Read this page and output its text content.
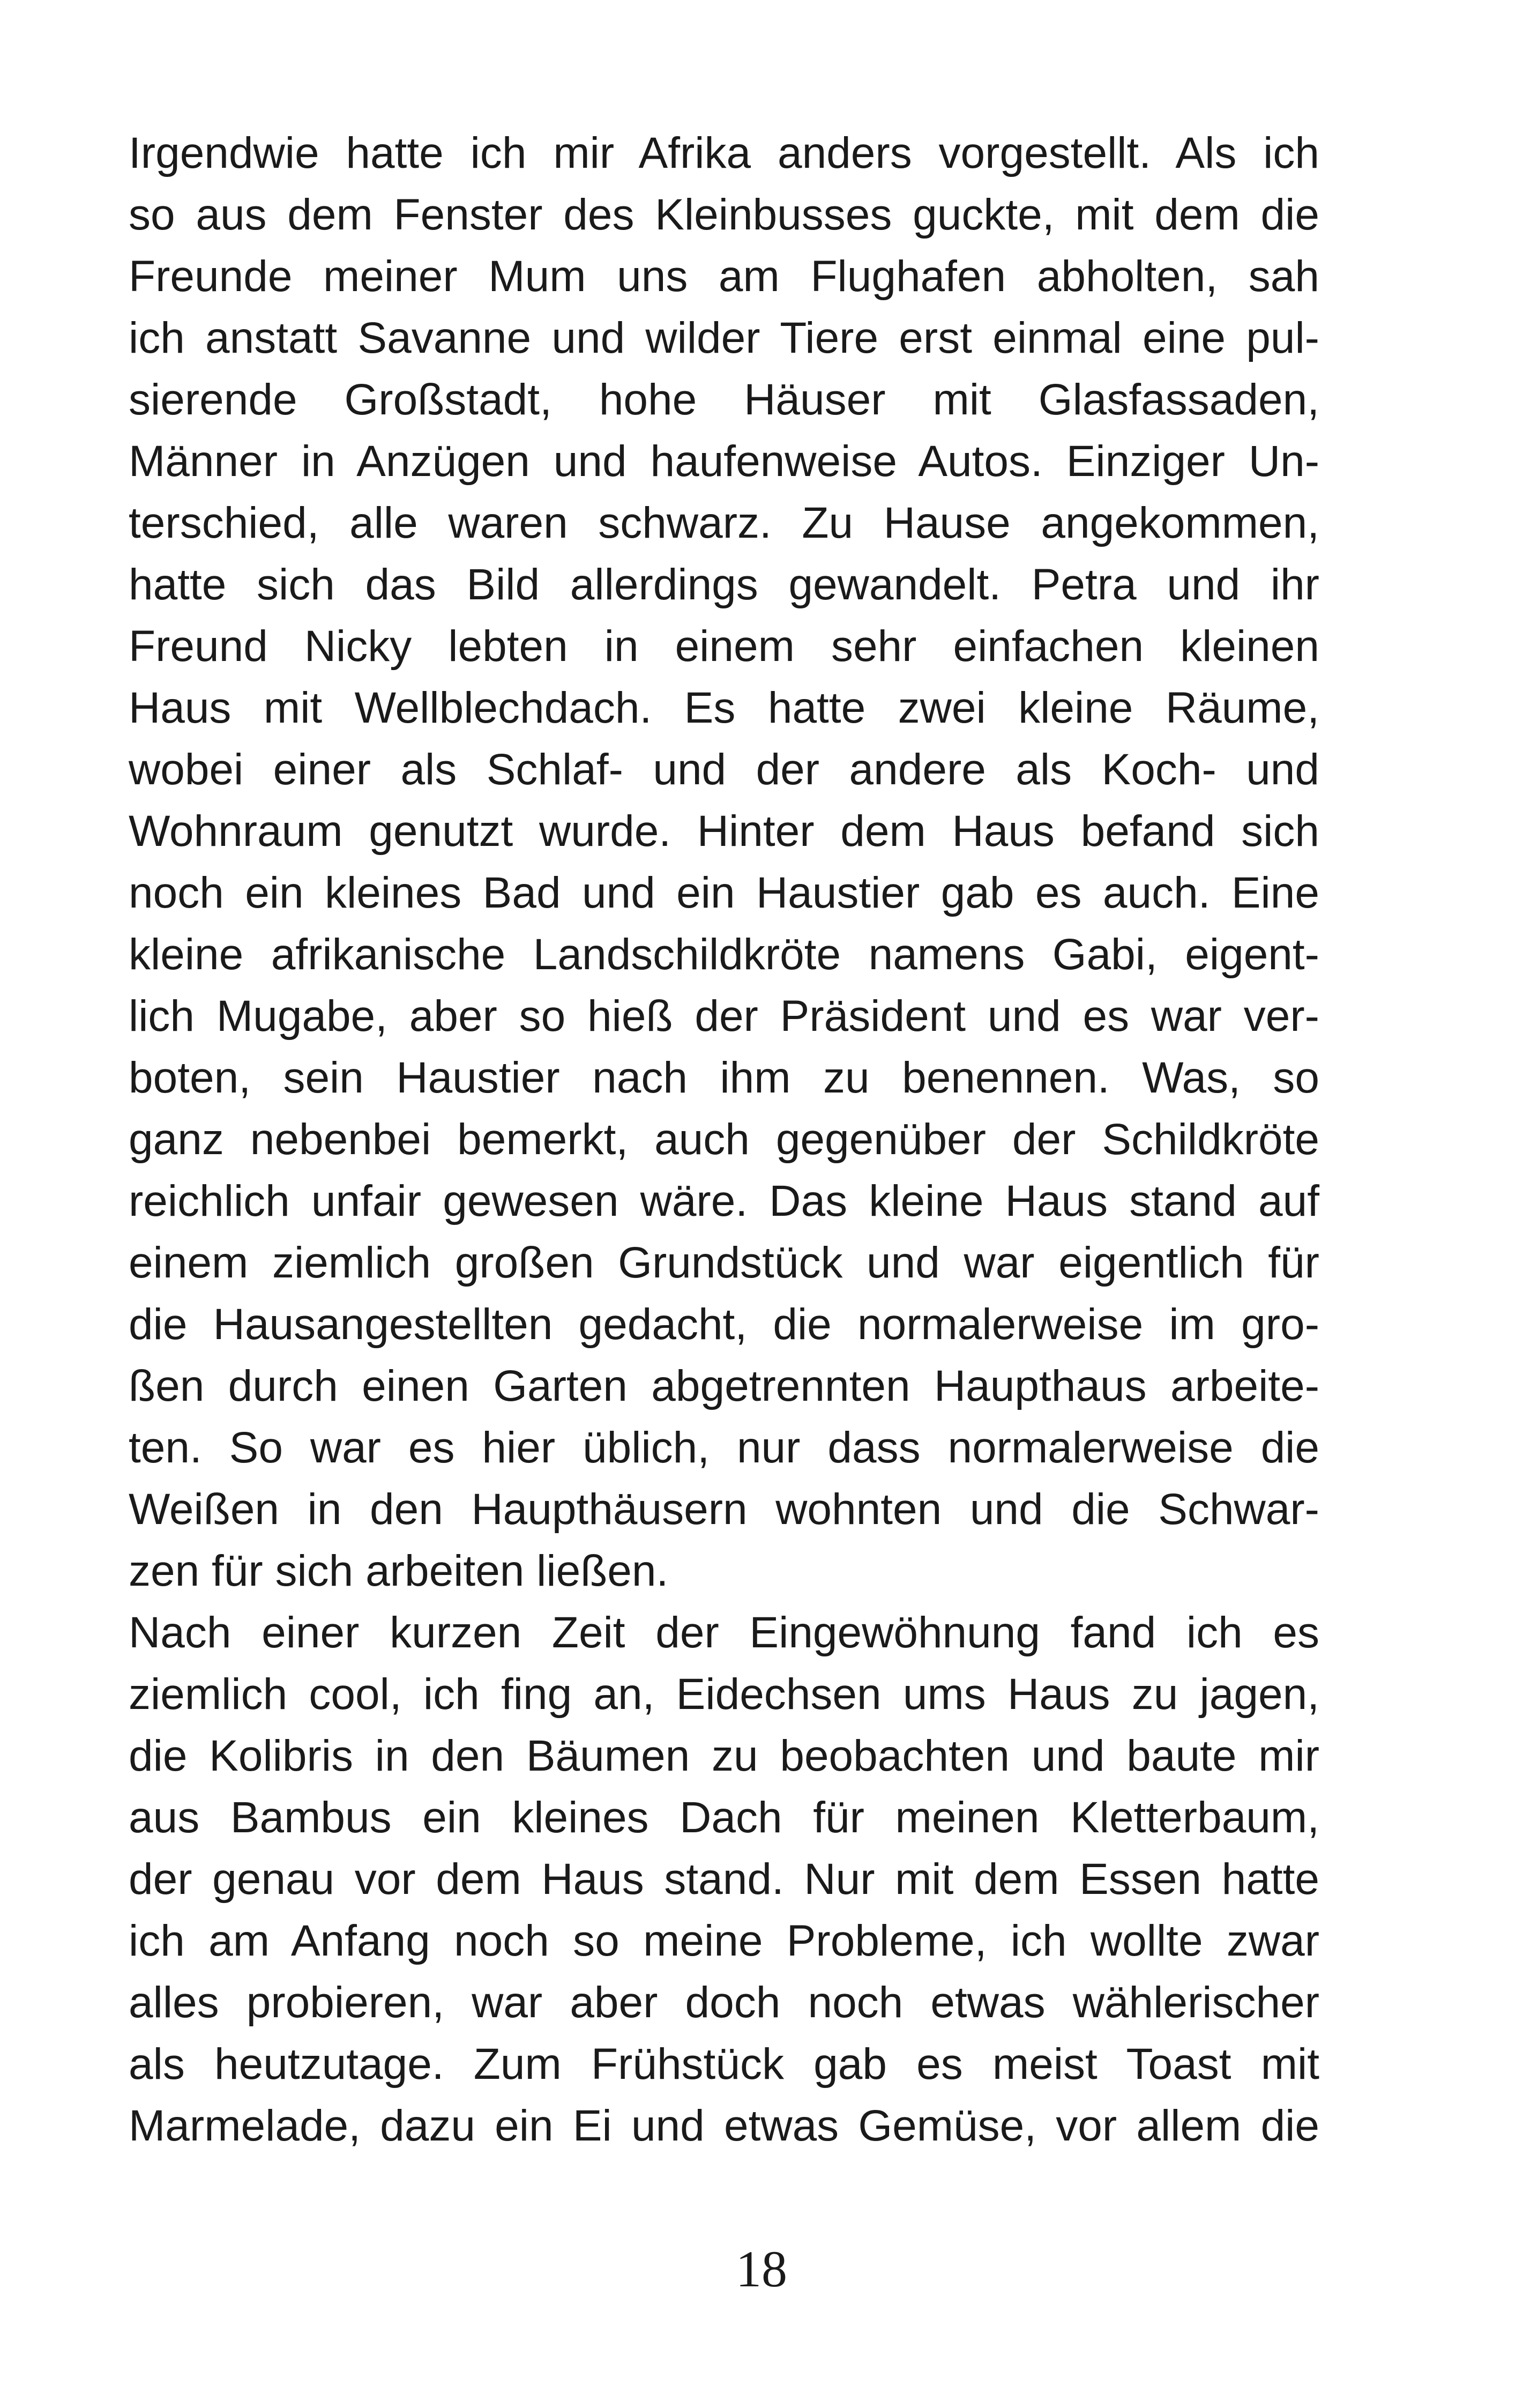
Irgendwie hatte ich mir Afrika anders vorgestellt. Als ich
so aus dem Fenster des Kleinbusses guckte, mit dem die
Freunde meiner Mum uns am Flughafen abholten, sah
ich anstatt Savanne und wilder Tiere erst einmal eine pul-
sierende Großstadt, hohe Häuser mit Glasfassaden,
Männer in Anzügen und haufenweise Autos. Einziger Un-
terschied, alle waren schwarz. Zu Hause angekommen,
hatte sich das Bild allerdings gewandelt. Petra und ihr
Freund Nicky lebten in einem sehr einfachen kleinen
Haus mit Wellblechdach. Es hatte zwei kleine Räume,
wobei einer als Schlaf- und der andere als Koch- und
Wohnraum genutzt wurde. Hinter dem Haus befand sich
noch ein kleines Bad und ein Haustier gab es auch. Eine
kleine afrikanische Landschildkröte namens Gabi, eigent-
lich Mugabe, aber so hieß der Präsident und es war ver-
boten, sein Haustier nach ihm zu benennen. Was, so
ganz nebenbei bemerkt, auch gegenüber der Schildkröte
reichlich unfair gewesen wäre. Das kleine Haus stand auf
einem ziemlich großen Grundstück und war eigentlich für
die Hausangestellten gedacht, die normalerweise im gro-
ßen durch einen Garten abgetrennten Haupthaus arbeite-
ten. So war es hier üblich, nur dass normalerweise die
Weißen in den Haupthäusern wohnten und die Schwar-
zen für sich arbeiten ließen.
Nach einer kurzen Zeit der Eingewöhnung fand ich es
ziemlich cool, ich fing an, Eidechsen ums Haus zu jagen,
die Kolibris in den Bäumen zu beobachten und baute mir
aus Bambus ein kleines Dach für meinen Kletterbaum,
der genau vor dem Haus stand. Nur mit dem Essen hatte
ich am Anfang noch so meine Probleme, ich wollte zwar
alles probieren, war aber doch noch etwas wählerischer
als heutzutage. Zum Frühstück gab es meist Toast mit
Marmelade, dazu ein Ei und etwas Gemüse, vor allem die
18
